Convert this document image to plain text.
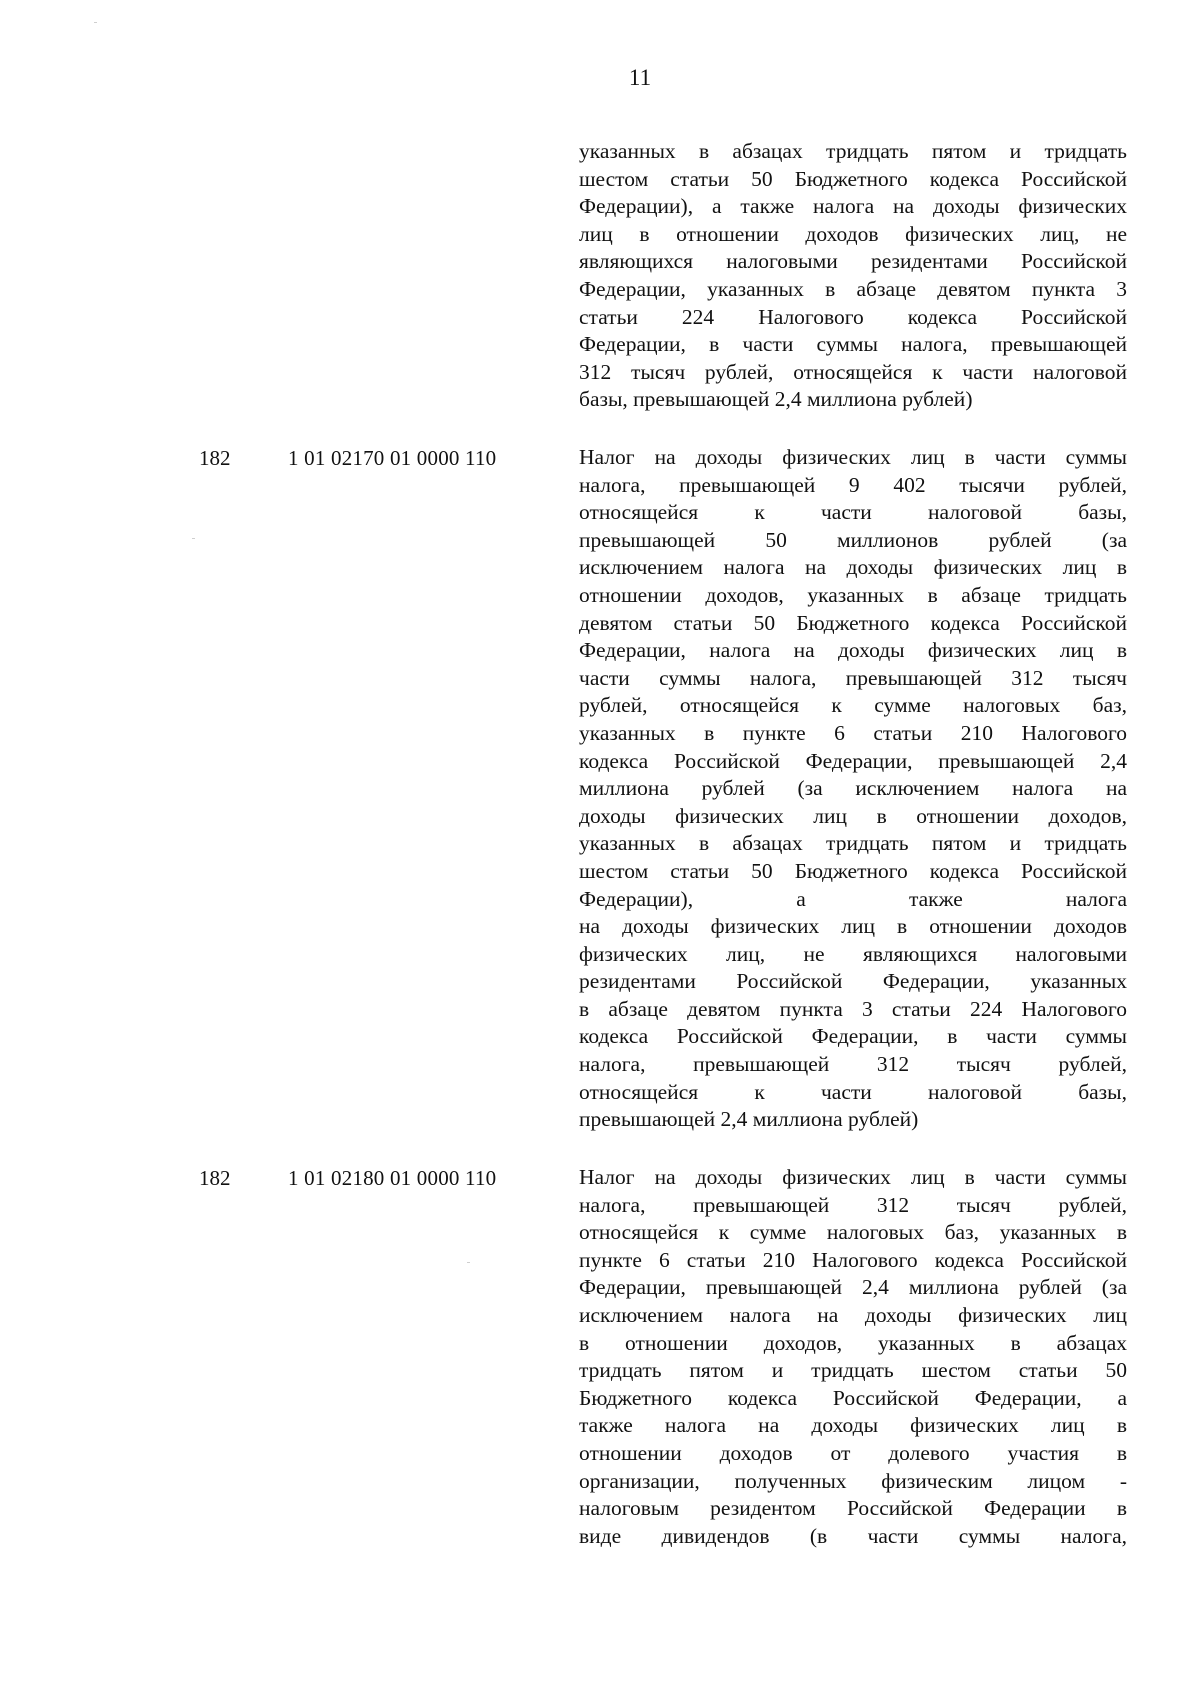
11
указанных в абзацах тридцать пятом и тридцать
шестом статьи 50 Бюджетного кодекса Российской
Федерации), а также налога на доходы физических
лиц в отношении доходов физических лиц, не
являющихся налоговыми резидентами Российской
Федерации, указанных в абзаце девятом пункта 3
статьи 224 Налогового кодекса Российской
Федерации, в части суммы налога, превышающей
312 тысяч рублей, относящейся к части налоговой
базы, превышающей 2,4 миллиона рублей)
182	1 01 02170 01 0000 110	Налог на доходы физических лиц в части суммы
налога, превышающей 9 402 тысячи рублей,
относящейся к части налоговой базы,
превышающей 50 миллионов рублей (за
исключением налога на доходы физических лиц в
отношении доходов, указанных в абзаце тридцать
девятом статьи 50 Бюджетного кодекса Российской
Федерации, налога на доходы физических лиц в
части суммы налога, превышающей 312 тысяч
рублей, относящейся к сумме налоговых баз,
указанных в пункте 6 статьи 210 Налогового
кодекса Российской Федерации, превышающей 2,4
миллиона рублей (за исключением налога на
доходы физических лиц в отношении доходов,
указанных в абзацах тридцать пятом и тридцать
шестом статьи 50 Бюджетного кодекса Российской
Федерации), а также налога
на доходы физических лиц в отношении доходов
физических лиц, не являющихся налоговыми
резидентами Российской Федерации, указанных
в абзаце девятом пункта 3 статьи 224 Налогового
кодекса Российской Федерации, в части суммы
налога, превышающей 312 тысяч рублей,
относящейся к части налоговой базы,
превышающей 2,4 миллиона рублей)
182	1 01 02180 01 0000 110	Налог на доходы физических лиц в части суммы
налога, превышающей 312 тысяч рублей,
относящейся к сумме налоговых баз, указанных в
пункте 6 статьи 210 Налогового кодекса Российской
Федерации, превышающей 2,4 миллиона рублей (за
исключением налога на доходы физических лиц
в отношении доходов, указанных в абзацах
тридцать пятом и тридцать шестом статьи 50
Бюджетного кодекса Российской Федерации, а
также налога на доходы физических лиц в
отношении доходов от долевого участия в
организации, полученных физическим лицом -
налоговым резидентом Российской Федерации в
виде дивидендов (в части суммы налога,
